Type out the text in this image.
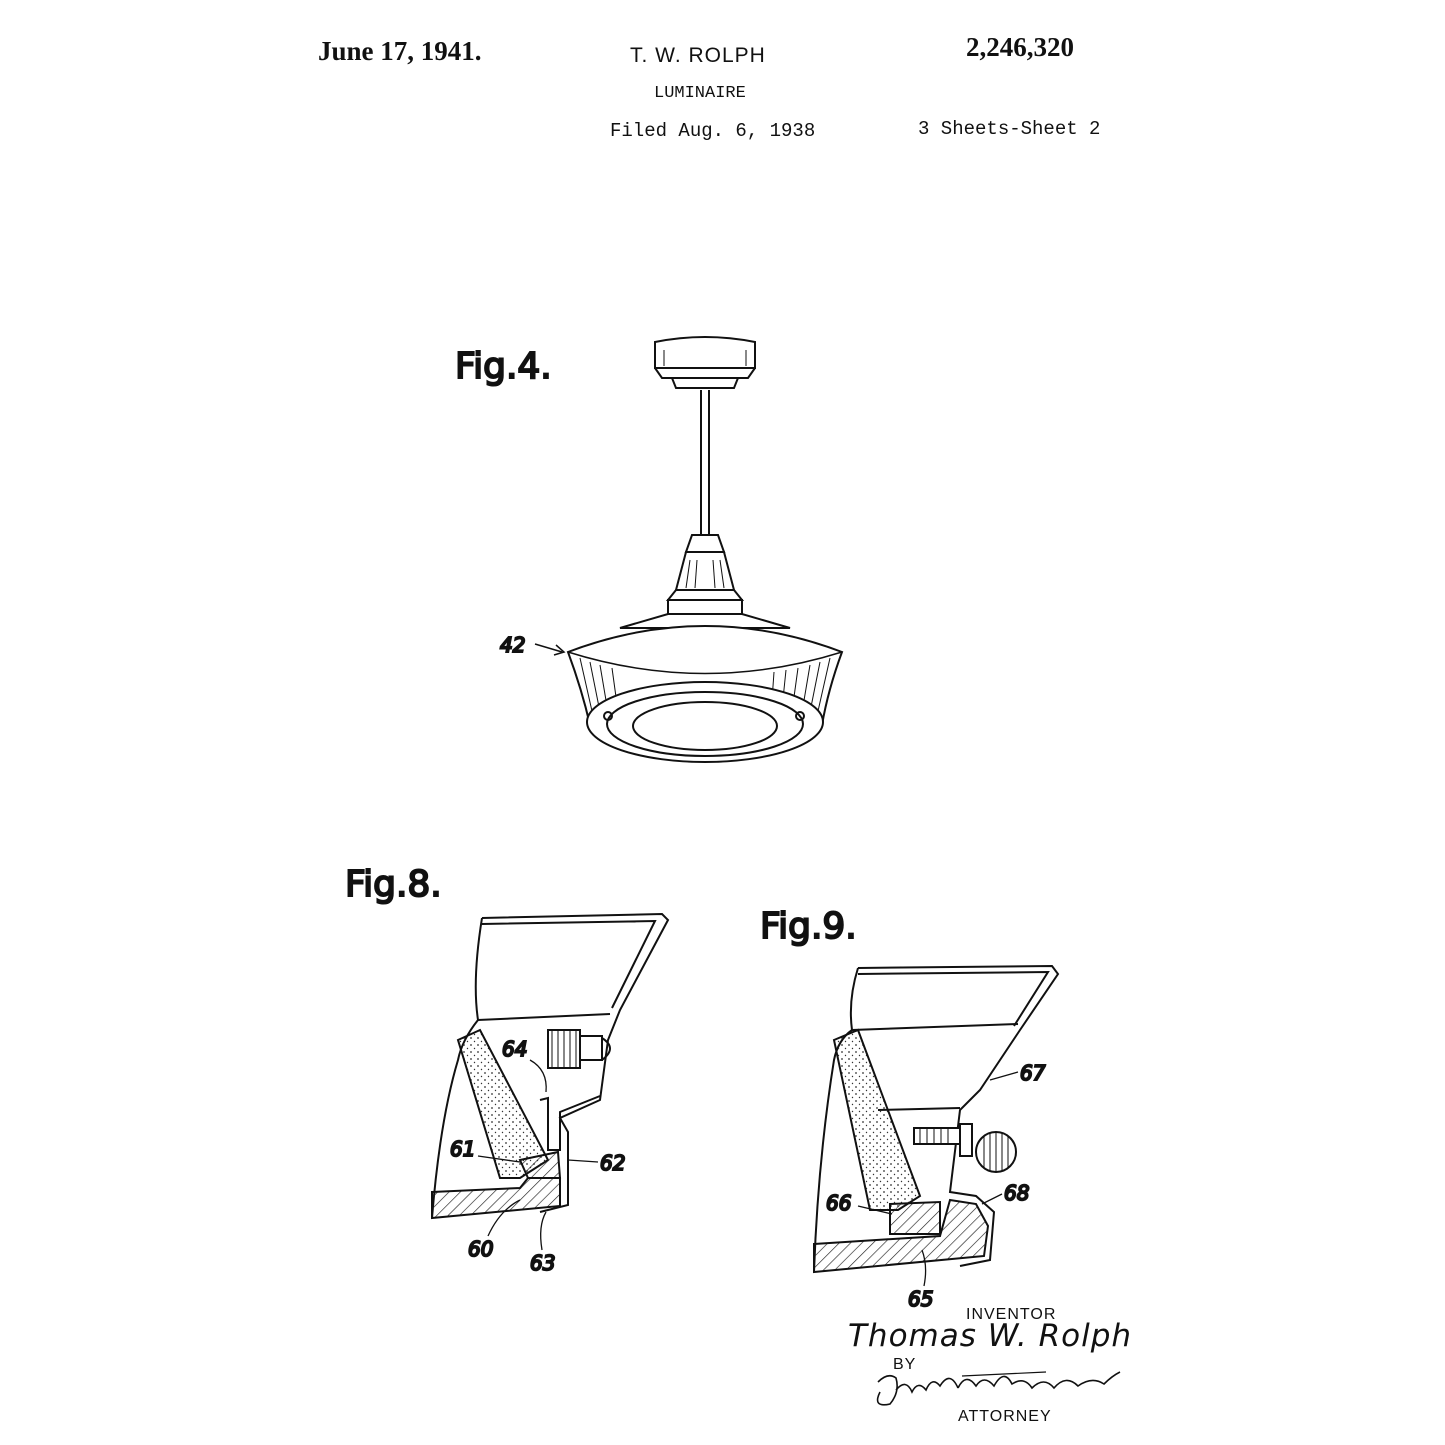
June 17, 1941.	T. W. ROLPH	2,246,320
LUMINAIRE
Filed Aug. 6, 1938	3 Sheets-Sheet 2
Fig.4.
42
Fig.8.
64
61
62
60
63
Fig.9.
67
68
66
65
INVENTOR
Thomas W. Rolph
BY
ATTORNEY
